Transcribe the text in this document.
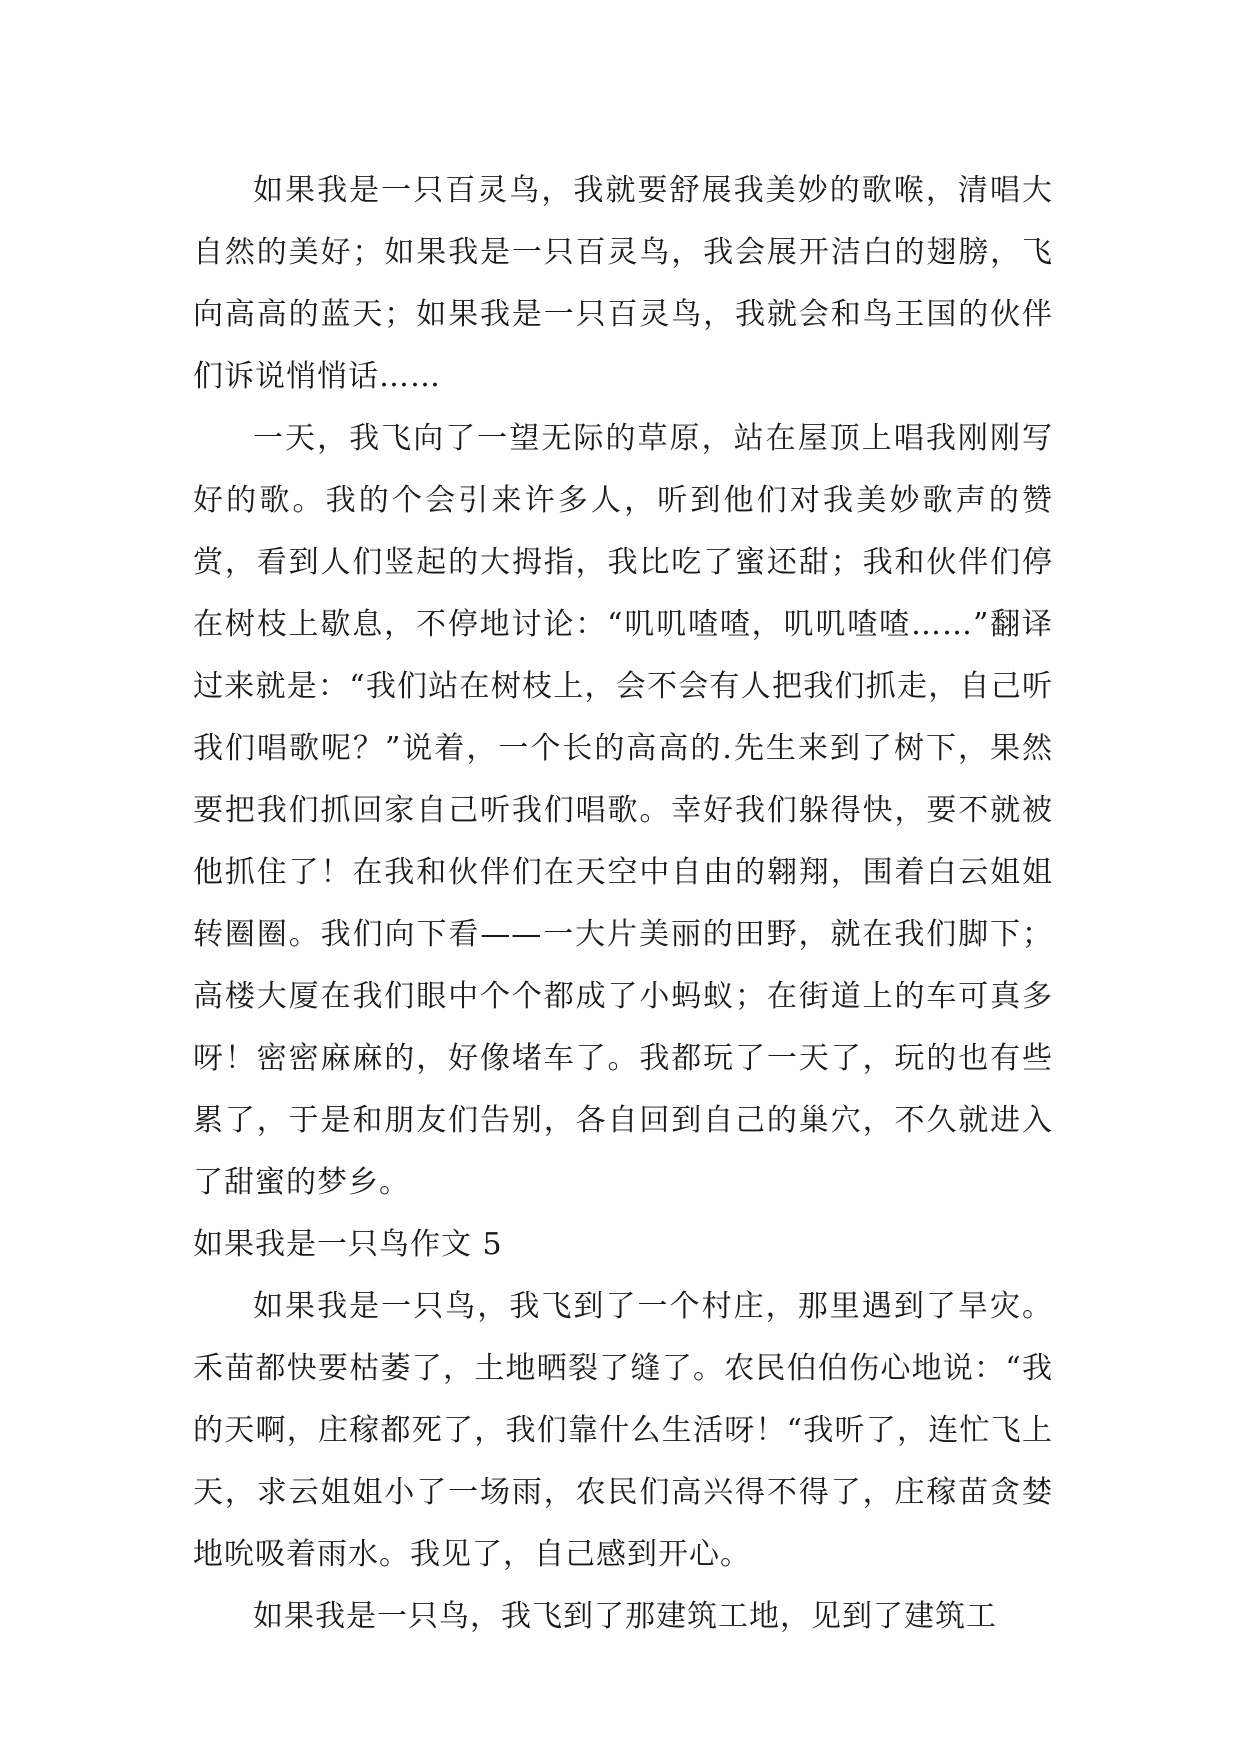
如果我是一只百灵鸟，我就要舒展我美妙的歌喉，清唱大自然的美好；如果我是一只百灵鸟，我会展开洁白的翅膀，飞向高高的蓝天；如果我是一只百灵鸟，我就会和鸟王国的伙伴们诉说悄悄话……

一天，我飞向了一望无际的草原，站在屋顶上唱我刚刚写好的歌。我的个会引来许多人，听到他们对我美妙歌声的赞赏，看到人们竖起的大拇指，我比吃了蜜还甜；我和伙伴们停在树枝上歇息，不停地讨论：“叽叽喳喳，叽叽喳喳……”翻译过来就是：“我们站在树枝上，会不会有人把我们抓走，自己听我们唱歌呢？”说着，一个长的高高的.先生来到了树下，果然要把我们抓回家自己听我们唱歌。幸好我们躲得快，要不就被他抓住了！在我和伙伴们在天空中自由的翱翔，围着白云姐姐转圈圈。我们向下看——一大片美丽的田野，就在我们脚下；高楼大厦在我们眼中个个都成了小蚂蚁；在街道上的车可真多呀！密密麻麻的，好像堵车了。我都玩了一天了，玩的也有些累了，于是和朋友们告别，各自回到自己的巢穴，不久就进入了甜蜜的梦乡。

如果我是一只鸟作文 5

如果我是一只鸟，我飞到了一个村庄，那里遇到了旱灾。禾苗都快要枯萎了，土地晒裂了缝了。农民伯伯伤心地说：“我的天啊，庄稼都死了，我们靠什么生活呀！“我听了，连忙飞上天，求云姐姐小了一场雨，农民们高兴得不得了，庄稼苗贪婪地吮吸着雨水。我见了，自己感到开心。

如果我是一只鸟，我飞到了那建筑工地，见到了建筑工
